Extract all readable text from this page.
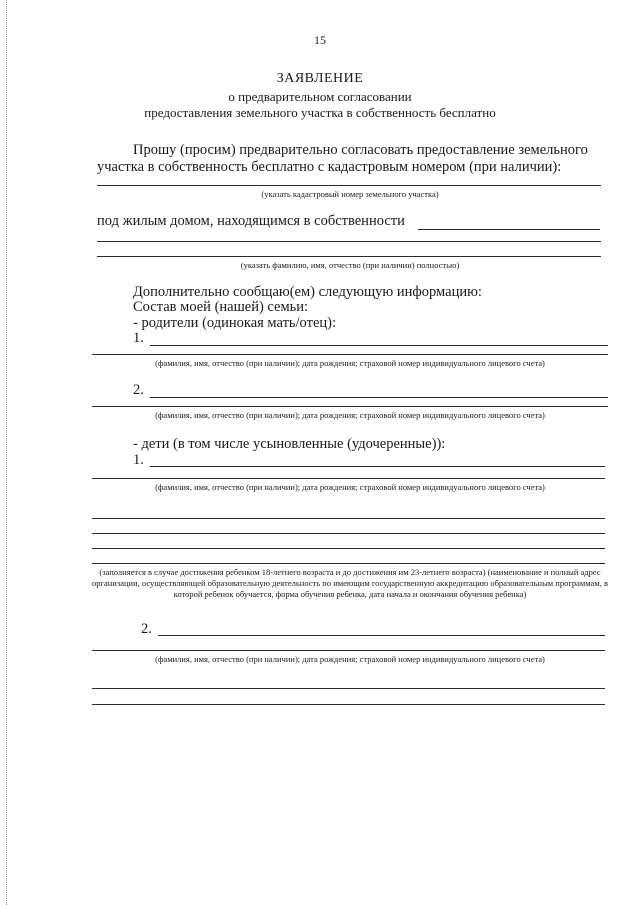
15
ЗАЯВЛЕНИЕ
о предварительном согласовании
предоставления земельного участка в собственность бесплатно
Прошу (просим) предварительно согласовать предоставление земельного
участка в собственность бесплатно с кадастровым номером (при наличии):
(указать кадастровый номер земельного участка)
под жилым домом, находящимся в собственности
(указать фамилию, имя, отчество (при наличии) полностью)
Дополнительно сообщаю(ем) следующую информацию:
Состав моей (нашей) семьи:
- родители (одинокая мать/отец):
1.
(фамилия, имя, отчество (при наличии); дата рождения; страховой номер индивидуального лицевого счета)
2.
(фамилия, имя, отчество (при наличии); дата рождения; страховой номер индивидуального лицевого счета)
- дети (в том числе усыновленные (удочеренные)):
1.
(фамилия, имя, отчество (при наличии); дата рождения; страховой номер индивидуального лицевого счета)
(заполняется в случае достижения ребенком 18-летнего возраста и до достижения им 23-летнего возраста) (наименование и полный адрес организации, осуществляющей образовательную деятельность по имеющим государственную аккредитацию образовательным программам, в которой ребенок обучается, форма обучения ребенка, дата начала и окончания обучения ребенка)
2.
(фамилия, имя, отчество (при наличии); дата рождения; страховой номер индивидуального лицевого счета)
